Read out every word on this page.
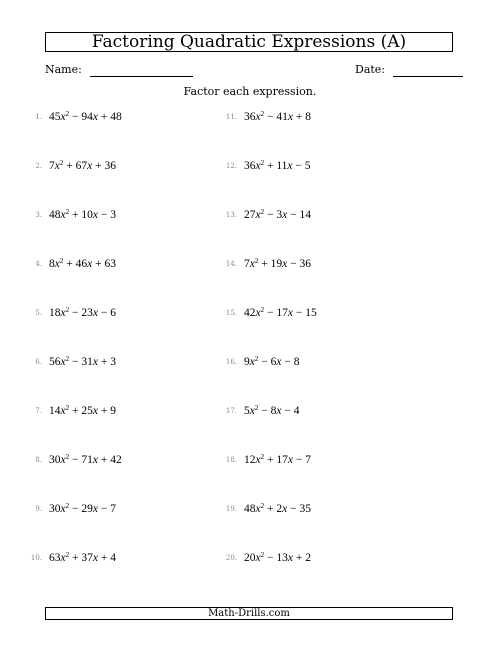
Factoring Quadratic Expressions (A)
Name:	Date:
Factor each expression.
1. $45x^2 - 94x + 48$
2. $7x^2 + 67x + 36$
3. $48x^2 + 10x - 3$
4. $8x^2 + 46x + 63$
5. $18x^2 - 23x - 6$
6. $56x^2 - 31x + 3$
7. $14x^2 + 25x + 9$
8. $30x^2 - 71x + 42$
9. $30x^2 - 29x - 7$
10. $63x^2 + 37x + 4$
11. $36x^2 - 41x + 8$
12. $36x^2 + 11x - 5$
13. $27x^2 - 3x - 14$
14. $7x^2 + 19x - 36$
15. $42x^2 - 17x - 15$
16. $9x^2 - 6x - 8$
17. $5x^2 - 8x - 4$
18. $12x^2 + 17x - 7$
19. $48x^2 + 2x - 35$
20. $20x^2 - 13x + 2$
Math-Drills.com
